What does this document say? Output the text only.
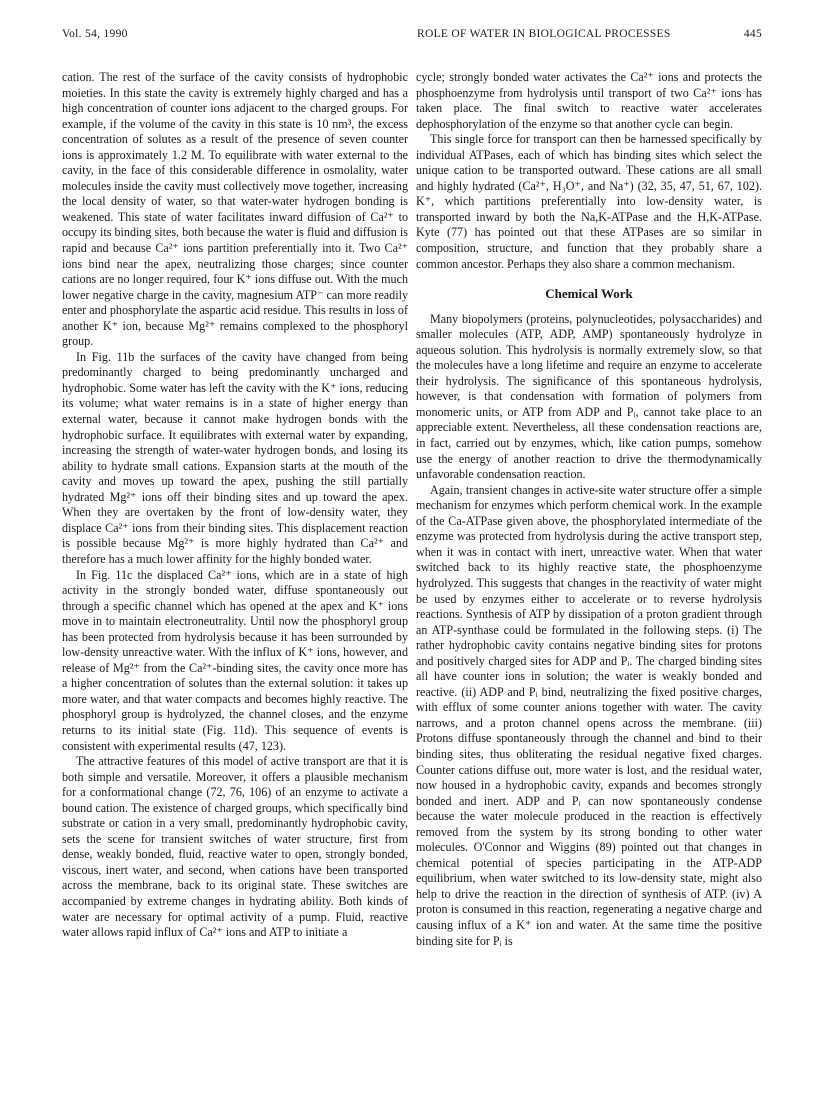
Vol. 54, 1990	ROLE OF WATER IN BIOLOGICAL PROCESSES	445

cation. The rest of the surface of the cavity consists of hydrophobic moieties. In this state the cavity is extremely highly charged and has a high concentration of counter ions adjacent to the charged groups. For example, if the volume of the cavity in this state is 10 nm³, the excess concentration of solutes as a result of the presence of seven counter ions is approximately 1.2 M. To equilibrate with water external to the cavity, in the face of this considerable difference in osmolality, water molecules inside the cavity must collectively move together, increasing the local density of water, so that water-water hydrogen bonding is weakened. This state of water facilitates inward diffusion of Ca²⁺ to occupy its binding sites, both because the water is fluid and diffusion is rapid and because Ca²⁺ ions partition preferentially into it. Two Ca²⁺ ions bind near the apex, neutralizing those charges; since counter cations are no longer required, four K⁺ ions diffuse out. With the much lower negative charge in the cavity, magnesium ATP⁻ can more readily enter and phosphorylate the aspartic acid residue. This results in loss of another K⁺ ion, because Mg²⁺ remains complexed to the phosphoryl group.

In Fig. 11b the surfaces of the cavity have changed from being predominantly charged to being predominantly uncharged and hydrophobic. Some water has left the cavity with the K⁺ ions, reducing its volume; what water remains is in a state of higher energy than external water, because it cannot make hydrogen bonds with the hydrophobic surface. It equilibrates with external water by expanding, increasing the strength of water-water hydrogen bonds, and losing its ability to hydrate small cations. Expansion starts at the mouth of the cavity and moves up toward the apex, pushing the still partially hydrated Mg²⁺ ions off their binding sites and up toward the apex. When they are overtaken by the front of low-density water, they displace Ca²⁺ ions from their binding sites. This displacement reaction is possible because Mg²⁺ is more highly hydrated than Ca²⁺ and therefore has a much lower affinity for the highly bonded water.

In Fig. 11c the displaced Ca²⁺ ions, which are in a state of high activity in the strongly bonded water, diffuse spontaneously out through a specific channel which has opened at the apex and K⁺ ions move in to maintain electroneutrality. Until now the phosphoryl group has been protected from hydrolysis because it has been surrounded by low-density unreactive water. With the influx of K⁺ ions, however, and release of Mg²⁺ from the Ca²⁺-binding sites, the cavity once more has a higher concentration of solutes than the external solution: it takes up more water, and that water compacts and becomes highly reactive. The phosphoryl group is hydrolyzed, the channel closes, and the enzyme returns to its initial state (Fig. 11d). This sequence of events is consistent with experimental results (47, 123).

The attractive features of this model of active transport are that it is both simple and versatile. Moreover, it offers a plausible mechanism for a conformational change (72, 76, 106) of an enzyme to activate a bound cation. The existence of charged groups, which specifically bind substrate or cation in a very small, predominantly hydrophobic cavity, sets the scene for transient switches of water structure, first from dense, weakly bonded, fluid, reactive water to open, strongly bonded, viscous, inert water, and second, when cations have been transported across the membrane, back to its original state. These switches are accompanied by extreme changes in hydrating ability. Both kinds of water are necessary for optimal activity of a pump. Fluid, reactive water allows rapid influx of Ca²⁺ ions and ATP to initiate a

cycle; strongly bonded water activates the Ca²⁺ ions and protects the phosphoenzyme from hydrolysis until transport of two Ca²⁺ ions has taken place. The final switch to reactive water accelerates dephosphorylation of the enzyme so that another cycle can begin.

This single force for transport can then be harnessed specifically by individual ATPases, each of which has binding sites which select the unique cation to be transported outward. These cations are all small and highly hydrated (Ca²⁺, H₃O⁺, and Na⁺) (32, 35, 47, 51, 67, 102). K⁺, which partitions preferentially into low-density water, is transported inward by both the Na,K-ATPase and the H,K-ATPase. Kyte (77) has pointed out that these ATPases are so similar in composition, structure, and function that they probably share a common ancestor. Perhaps they also share a common mechanism.

Chemical Work

Many biopolymers (proteins, polynucleotides, polysaccharides) and smaller molecules (ATP, ADP, AMP) spontaneously hydrolyze in aqueous solution. This hydrolysis is normally extremely slow, so that the molecules have a long lifetime and require an enzyme to accelerate their hydrolysis. The significance of this spontaneous hydrolysis, however, is that condensation with formation of polymers from monomeric units, or ATP from ADP and Pᵢ, cannot take place to an appreciable extent. Nevertheless, all these condensation reactions are, in fact, carried out by enzymes, which, like cation pumps, somehow use the energy of another reaction to drive the thermodynamically unfavorable condensation reaction.

Again, transient changes in active-site water structure offer a simple mechanism for enzymes which perform chemical work. In the example of the Ca-ATPase given above, the phosphorylated intermediate of the enzyme was protected from hydrolysis during the active transport step, when it was in contact with inert, unreactive water. When that water switched back to its highly reactive state, the phosphoenzyme hydrolyzed. This suggests that changes in the reactivity of water might be used by enzymes either to accelerate or to reverse hydrolysis reactions. Synthesis of ATP by dissipation of a proton gradient through an ATP-synthase could be formulated in the following steps. (i) The rather hydrophobic cavity contains negative binding sites for protons and positively charged sites for ADP and Pᵢ. The charged binding sites all have counter ions in solution; the water is weakly bonded and reactive. (ii) ADP and Pᵢ bind, neutralizing the fixed positive charges, with efflux of some counter anions together with water. The cavity narrows, and a proton channel opens across the membrane. (iii) Protons diffuse spontaneously through the channel and bind to their binding sites, thus obliterating the residual negative fixed charges. Counter cations diffuse out, more water is lost, and the residual water, now housed in a hydrophobic cavity, expands and becomes strongly bonded and inert. ADP and Pᵢ can now spontaneously condense because the water molecule produced in the reaction is effectively removed from the system by its strong bonding to other water molecules. O'Connor and Wiggins (89) pointed out that changes in chemical potential of species participating in the ATP-ADP equilibrium, when water switched to its low-density state, might also help to drive the reaction in the direction of synthesis of ATP. (iv) A proton is consumed in this reaction, regenerating a negative charge and causing influx of a K⁺ ion and water. At the same time the positive binding site for Pᵢ is
